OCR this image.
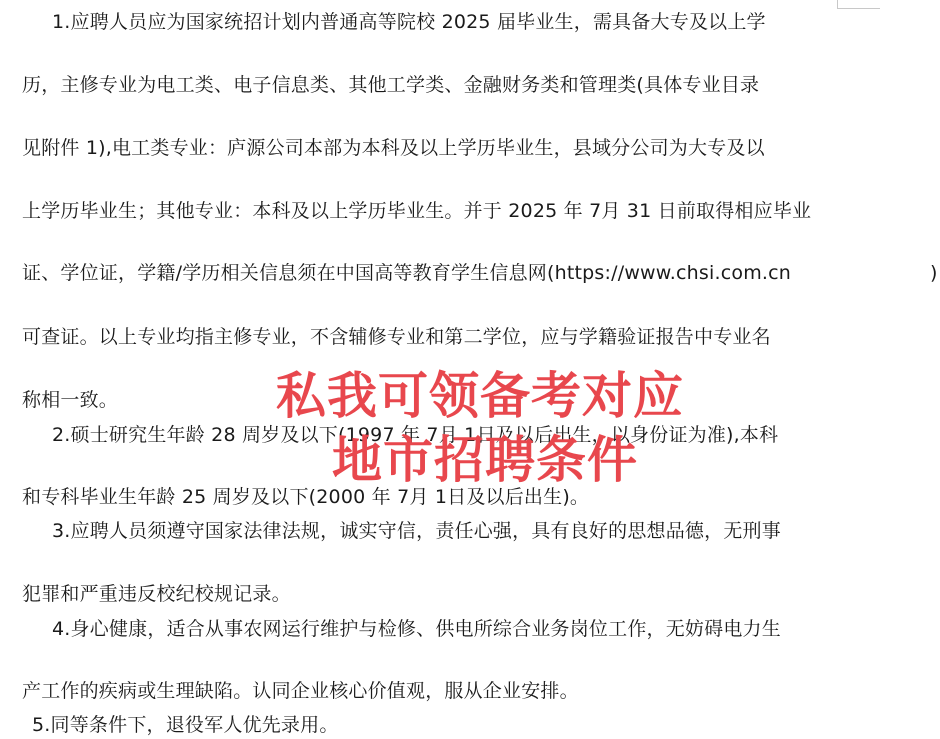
1.应聘人员应为国家统招计划内普通高等院校 2025 届毕业生，需具备大专及以上学
历，主修专业为电工类、电子信息类、其他工学类、金融财务类和管理类(具体专业目录
见附件 1),电工类专业：庐源公司本部为本科及以上学历毕业生，县域分公司为大专及以
上学历毕业生；其他专业：本科及以上学历毕业生。并于 2025 年 7月 31 日前取得相应毕业
证、学位证，学籍/学历相关信息须在中国高等教育学生信息网(https://www.chsi.com.cn	)
可查证。以上专业均指主修专业，不含辅修专业和第二学位，应与学籍验证报告中专业名
称相一致。
2.硕士研究生年龄 28 周岁及以下(1997 年 7月 1日及以后出生，以身份证为准),本科
和专科毕业生年龄 25 周岁及以下(2000 年 7月 1日及以后出生)。
3.应聘人员须遵守国家法律法规，诚实守信，责任心强，具有良好的思想品德，无刑事
犯罪和严重违反校纪校规记录。
4.身心健康，适合从事农网运行维护与检修、供电所综合业务岗位工作，无妨碍电力生
产工作的疾病或生理缺陷。认同企业核心价值观，服从企业安排。
5.同等条件下，退役军人优先录用。
私我可领备考对应
地市招聘条件
